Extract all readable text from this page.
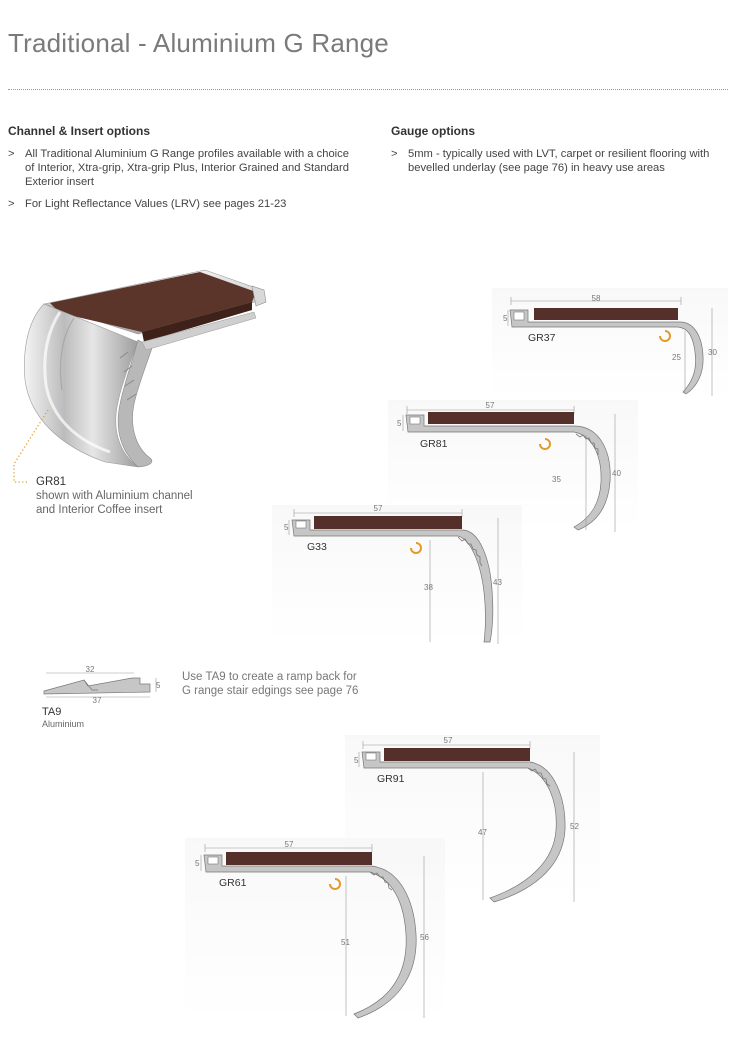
Traditional - Aluminium G Range
Channel & Insert options
> All Traditional Aluminium G Range profiles available with a choice of Interior, Xtra-grip, Xtra-grip Plus, Interior Grained and Standard Exterior insert
> For Light Reflectance Values (LRV) see pages 21-23
Gauge options
> 5mm - typically used with LVT, carpet or resilient flooring with bevelled underlay (see page 76) in heavy use areas
58
5
GR37
25
30
57
5
GR81
35
40
57
5
G33
38
43
57
5
GR91
47
52
57
5
GR61
51
56
32
37
5
GR81
shown with Aluminium channel
and Interior Coffee insert
TA9
Aluminium
Use TA9 to create a ramp back for
G range stair edgings see page 76
